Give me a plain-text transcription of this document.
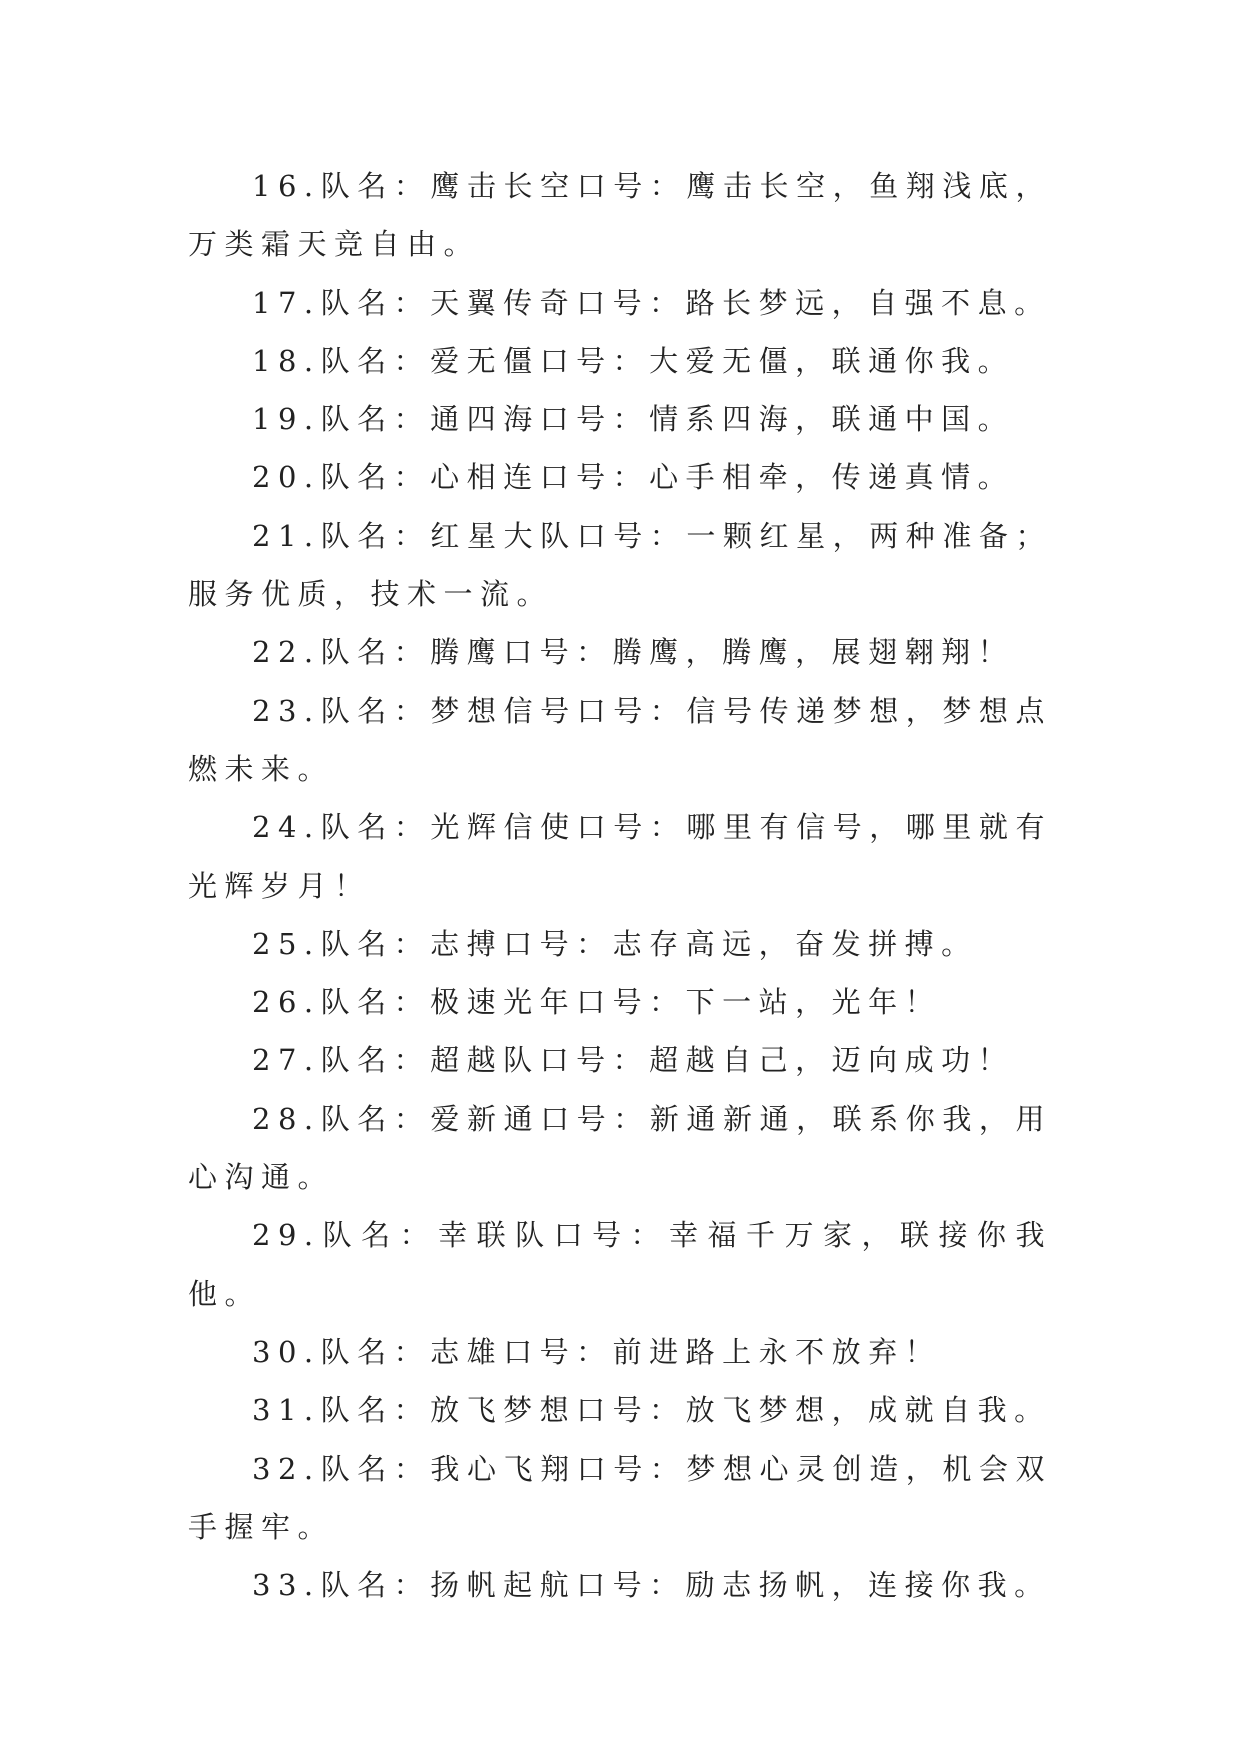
16.队名：鹰击长空口号：鹰击长空，鱼翔浅底，万类霜天竞自由。

17.队名：天翼传奇口号：路长梦远，自强不息。

18.队名：爱无僵口号：大爱无僵，联通你我。

19.队名：通四海口号：情系四海，联通中国。

20.队名：心相连口号：心手相牵，传递真情。

21.队名：红星大队口号：一颗红星，两种准备；服务优质，技术一流。

22.队名：腾鹰口号：腾鹰，腾鹰，展翅翱翔！

23.队名：梦想信号口号：信号传递梦想，梦想点燃未来。

24.队名：光辉信使口号：哪里有信号，哪里就有光辉岁月！

25.队名：志搏口号：志存高远，奋发拼搏。

26.队名：极速光年口号：下一站，光年！

27.队名：超越队口号：超越自己，迈向成功！

28.队名：爱新通口号：新通新通，联系你我，用心沟通。

29.队名：幸联队口号：幸福千万家，联接你我他。

30.队名：志雄口号：前进路上永不放弃！

31.队名：放飞梦想口号：放飞梦想，成就自我。

32.队名：我心飞翔口号：梦想心灵创造，机会双手握牢。

33.队名：扬帆起航口号：励志扬帆，连接你我。
